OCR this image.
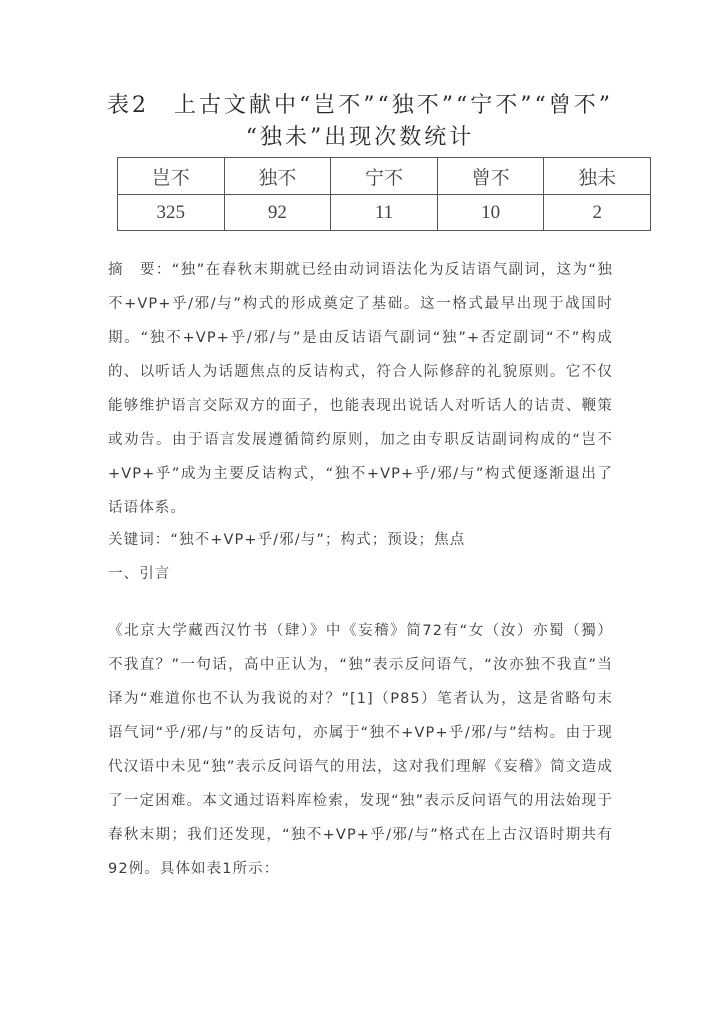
表2　上古文献中“岂不”“独不”“宁不”“曾不”
“独未”出现次数统计
岂不	独不	宁不	曾不	独未
325	92	11	10	2
摘　要：“独”在春秋末期就已经由动词语法化为反诘语气副词，这为“独不+VP+乎/邪/与”构式的形成奠定了基础。这一格式最早出现于战国时期。“独不+VP+乎/邪/与”是由反诘语气副词“独”+否定副词“不”构成的、以听话人为话题焦点的反诘构式，符合人际修辞的礼貌原则。它不仅能够维护语言交际双方的面子，也能表现出说话人对听话人的诘责、鞭策或劝告。由于语言发展遵循简约原则，加之由专职反诘副词构成的“岂不+VP+乎”成为主要反诘构式，“独不+VP+乎/邪/与”构式便逐渐退出了话语体系。
关键词：“独不+VP+乎/邪/与”；构式；预设；焦点
一、引言
《北京大学藏西汉竹书（肆）》中《妄稽》简72有“女（汝）亦蜀（獨）不我直？”一句话，高中正认为，“独”表示反问语气，“汝亦独不我直”当译为“难道你也不认为我说的对？”[1]（P85）笔者认为，这是省略句末语气词“乎/邪/与”的反诘句，亦属于“独不+VP+乎/邪/与”结构。由于现代汉语中未见“独”表示反问语气的用法，这对我们理解《妄稽》简文造成了一定困难。本文通过语料库检索，发现“独”表示反问语气的用法始现于春秋末期；我们还发现，“独不+VP+乎/邪/与”格式在上古汉语时期共有92例。具体如表1所示：
